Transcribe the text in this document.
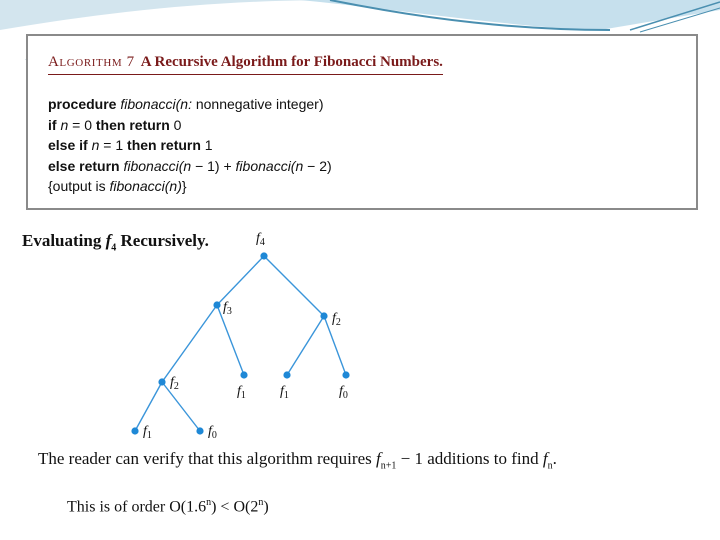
Algorithm 7 A Recursive Algorithm for Fibonacci Numbers.
procedure fibonacci(n: nonnegative integer)
if n = 0 then return 0
else if n = 1 then return 1
else return fibonacci(n − 1) + fibonacci(n − 2)
{output is fibonacci(n)}
Evaluating $f_4$ Recursively.	$f_4$
$f_3$	$f_2$
$f_2$	$f_1$ $f_1$	$f_0$
$f_1$	$f_0$
The reader can verify that this algorithm requires $f_{n+1} - 1$ additions to find $f_n$.
This is of order $O(1.6^n) < O(2^n)$
